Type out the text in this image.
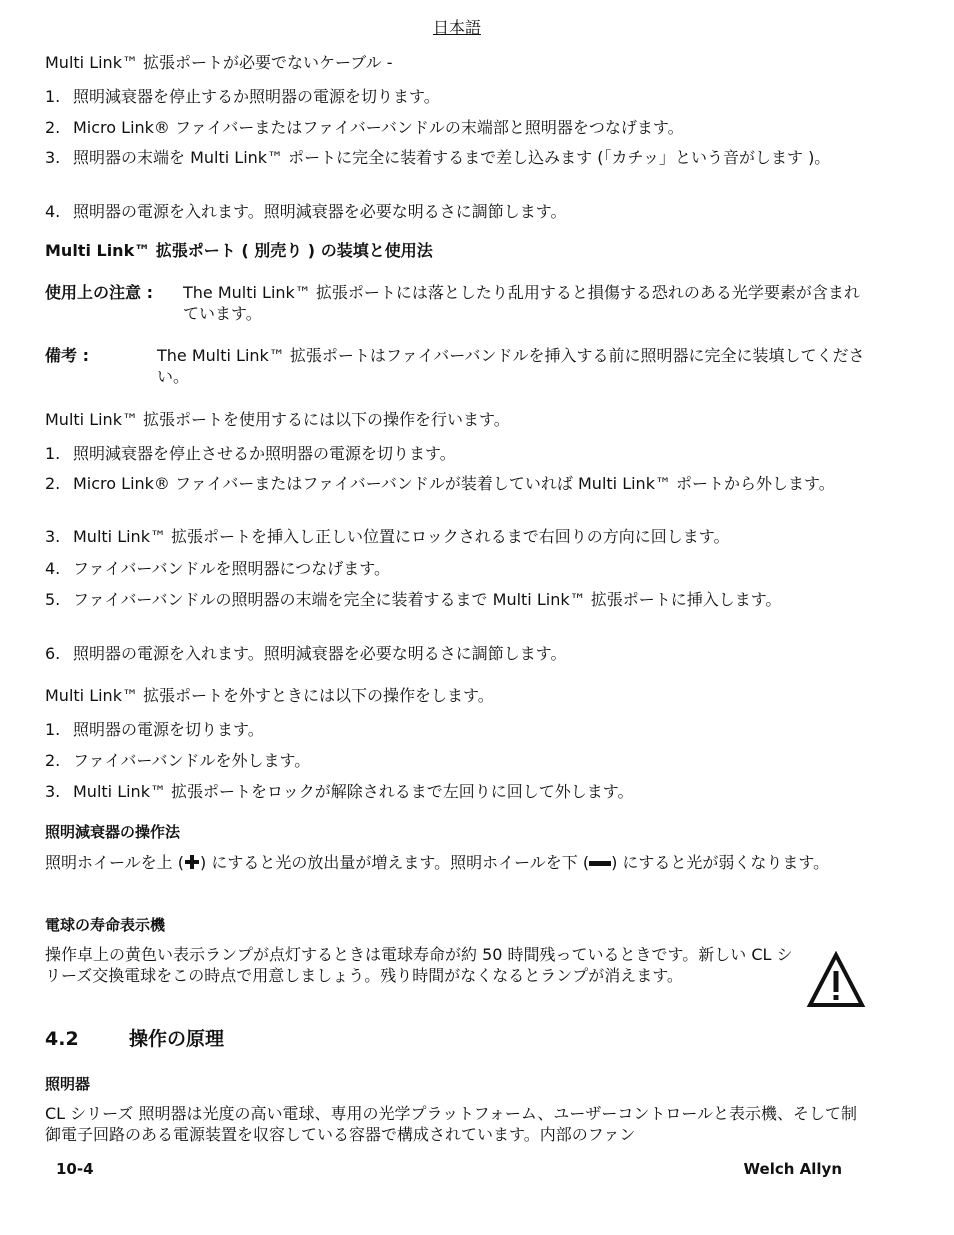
日本語
Multi Link™ 拡張ポートが必要でないケーブル -
1. 照明減衰器を停止するか照明器の電源を切ります。
2. Micro Link® ファイバーまたはファイバーバンドルの末端部と照明器をつなげます。
3. 照明器の末端を Multi Link™ ポートに完全に装着するまで差し込みます (「カチッ」という音がします )。
4. 照明器の電源を入れます。照明減衰器を必要な明るさに調節します。
Multi Link™ 拡張ポート ( 別売り ) の装填と使用法
使用上の注意 : The Multi Link™ 拡張ポートには落としたり乱用すると損傷する恐れのある光学要素が含まれています。
備考 :	The Multi Link™ 拡張ポートはファイバーバンドルを挿入する前に照明器に完全に装填してください。
Multi Link™ 拡張ポートを使用するには以下の操作を行います。
1. 照明減衰器を停止させるか照明器の電源を切ります。
2. Micro Link® ファイバーまたはファイバーバンドルが装着していれば Multi Link™ ポートから外します。
3. Multi Link™ 拡張ポートを挿入し正しい位置にロックされるまで右回りの方向に回します。
4. ファイバーバンドルを照明器につなげます。
5. ファイバーバンドルの照明器の末端を完全に装着するまで Multi Link™ 拡張ポートに挿入します。
6. 照明器の電源を入れます。照明減衰器を必要な明るさに調節します。
Multi Link™ 拡張ポートを外すときには以下の操作をします。
1. 照明器の電源を切ります。
2. ファイバーバンドルを外します。
3. Multi Link™ 拡張ポートをロックが解除されるまで左回りに回して外します。
照明減衰器の操作法
照明ホイールを上 ( ) にすると光の放出量が増えます。照明ホイールを下 ( ) にすると光が弱くなります。
電球の寿命表示機
操作卓上の黄色い表示ランプが点灯するときは電球寿命が約 50 時間残っているときです。新しい CL シリーズ交換電球をこの時点で用意しましょう。残り時間がなくなるとランプが消えます。
4.2	操作の原理
照明器
CL シリーズ 照明器は光度の高い電球、専用の光学プラットフォーム、ユーザーコントロールと表示機、そして制御電子回路のある電源装置を収容している容器で構成されています。内部のファン
10-4	Welch Allyn
